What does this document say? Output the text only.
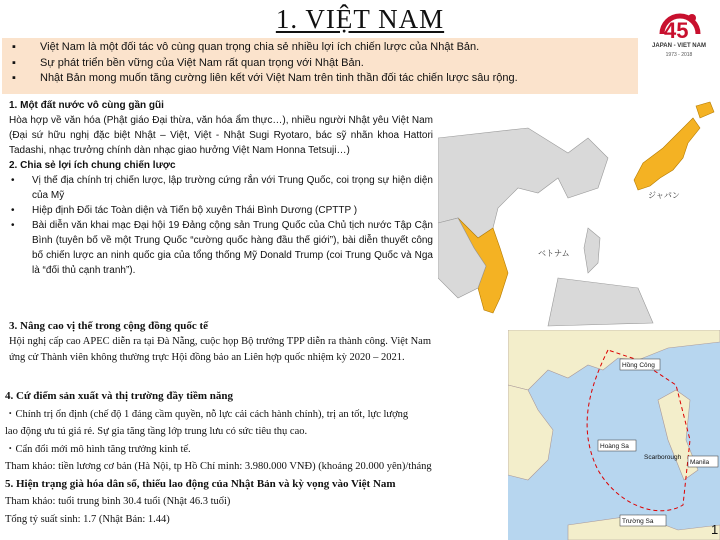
1. VIỆT NAM	45
JAPAN - VIET NAM
1973 - 2018
▪ Việt Nam là một đối tác vô cùng quan trọng chia sẻ nhiều lợi ích chiến lược của Nhật Bản.
▪ Sự phát triển bền vững của Việt Nam rất quan trọng với Nhật Bản.
▪ Nhật Bản mong muốn tăng cường liên kết với Việt Nam trên tinh thần đối tác chiến lược sâu rộng.
ジャパン
ベトナム

1. Một đất nước vô cùng gần gũi

Hòa hợp về văn hóa (Phật giáo Đại thừa, văn hóa ẩm thực…), nhiều người Nhật yêu Việt Nam (Đại sứ hữu nghị đặc biệt Nhật – Việt, Việt - Nhật Sugi Ryotaro, bác sỹ nhãn khoa Hattori Tadashi, nhạc trưởng chính dàn nhạc giao hưởng Việt Nam Honna Tetsuji…)

2. Chia sẻ lợi ích chung chiến lược

• Vị thế địa chính trị chiến lược, lập trường cứng rắn với Trung Quốc, coi trọng sự hiện diện của Mỹ

• Hiệp định Đối tác Toàn diện và Tiến bộ xuyên Thái Bình Dương (CPTTP )

• Bài diễn văn khai mạc Đại hội 19 Đảng cộng sản Trung Quốc của Chủ tịch nước Tập Cận Bình (tuyên bố về một Trung Quốc “cường quốc hàng đầu thế giới”), bài diễn thuyết công bố chiến lược an ninh quốc gia của tổng thống Mỹ Donald Trump (coi Trung Quốc và Nga là “đối thủ cạnh tranh”).

3. Nâng cao vị thế trong cộng đồng quốc tế

Hội nghị cấp cao APEC diễn ra tại Đà Nẵng, cuộc họp Bộ trưởng TPP diễn ra thành công. Việt Nam ứng cử Thành viên không thường trực Hội đồng bảo an Liên hợp quốc nhiệm kỳ 2020 – 2021.

Hồng Công
Hoàng Sa
Scarborough
Manila
Trường Sa

4. Cứ điểm sản xuất và thị trường đầy tiềm năng

・Chính trị ổn định (chế độ 1 đảng cầm quyền, nỗ lực cải cách hành chính), trị an tốt, lực lượng

lao động ưu tú giá rẻ. Sự gia tăng tầng lớp trung lưu có sức tiêu thụ cao.

・Cẩn đổi mới mô hình tăng trưởng kinh tế.

Tham khảo: tiền lương cơ bản (Hà Nội, tp Hồ Chí minh: 3.980.000 VNĐ) (khoảng 20.000 yên)/tháng

5. Hiện trạng già hóa dân số, thiếu lao động của Nhật Bản và kỳ vọng vào Việt Nam

Tham khảo: tuổi trung bình 30.4 tuổi (Nhật 46.3 tuổi)

Tổng tỷ suất sinh: 1.7 (Nhật Bản: 1.44)

1
